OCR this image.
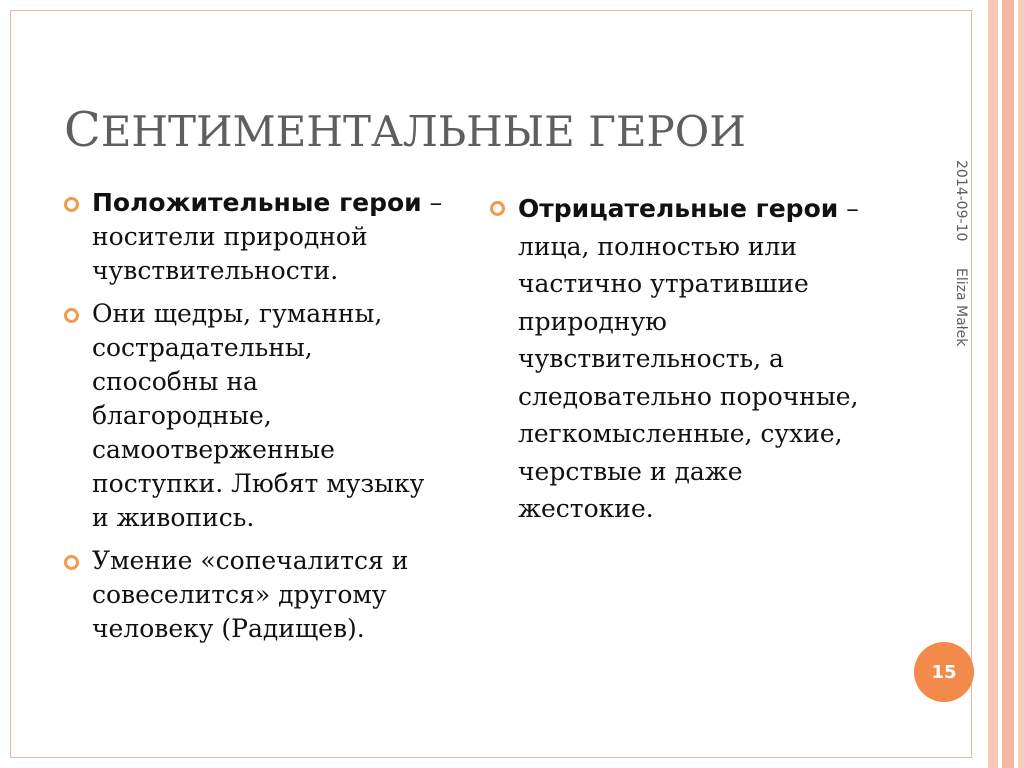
СЕНТИМЕНТАЛЬНЫЕ ГЕРОИ
Положительные герои – носители природной чувствительности.
Они щедры, гуманны, сострадательны, способны на благородные, самоотверженные поступки. Любят музыку и живопись.
Умение «сопечалится и совеселится» другому человеку (Радищев).
Отрицательные герои – лица, полностью или частично утратившие природную чувствительность, а следовательно порочные, легкомысленные, сухие, черствые и даже жестокие.
2014-09-10
Eliza Małek
15
